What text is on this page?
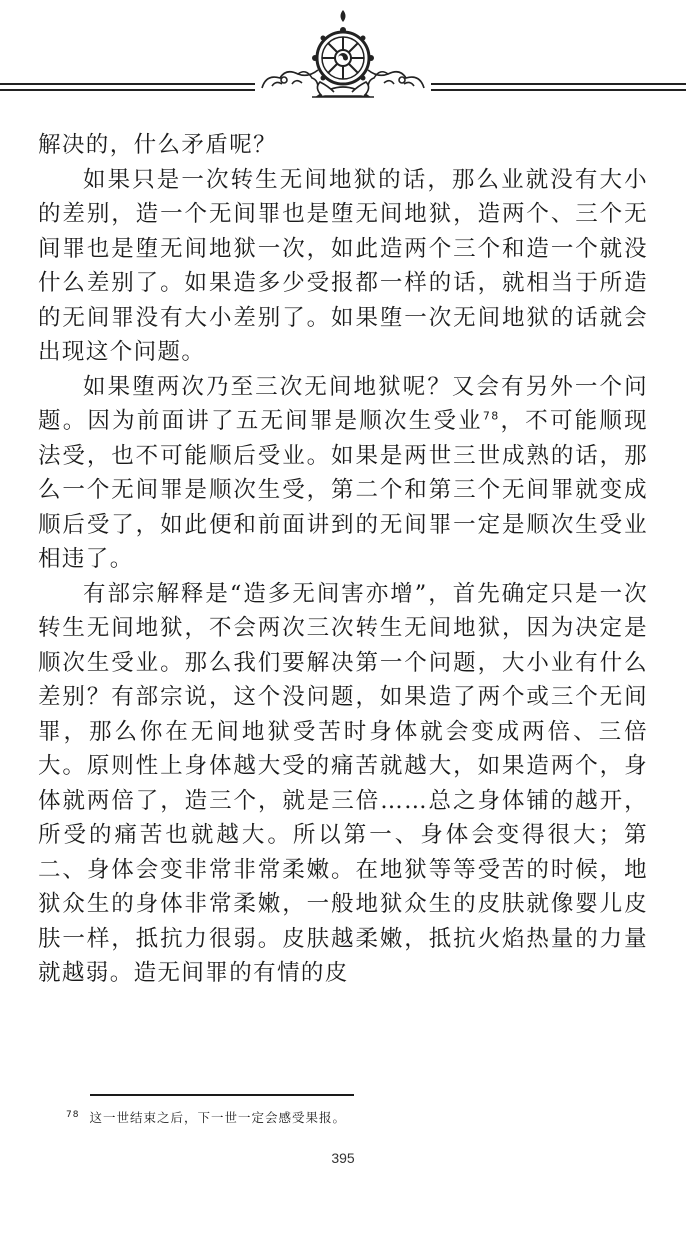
解决的，什么矛盾呢？

如果只是一次转生无间地狱的话，那么业就没有大小的差别，造一个无间罪也是堕无间地狱，造两个、三个无间罪也是堕无间地狱一次，如此造两个三个和造一个就没什么差别了。如果造多少受报都一样的话，就相当于所造的无间罪没有大小差别了。如果堕一次无间地狱的话就会出现这个问题。

如果堕两次乃至三次无间地狱呢？又会有另外一个问题。因为前面讲了五无间罪是顺次生受业$^{78}$，不可能顺现法受，也不可能顺后受业。如果是两世三世成熟的话，那么一个无间罪是顺次生受，第二个和第三个无间罪就变成顺后受了，如此便和前面讲到的无间罪一定是顺次生受业相违了。

有部宗解释是“造多无间害亦增”，首先确定只是一次转生无间地狱，不会两次三次转生无间地狱，因为决定是顺次生受业。那么我们要解决第一个问题，大小业有什么差别？有部宗说，这个没问题，如果造了两个或三个无间罪，那么你在无间地狱受苦时身体就会变成两倍、三倍大。原则性上身体越大受的痛苦就越大，如果造两个，身体就两倍了，造三个，就是三倍……总之身体铺的越开，所受的痛苦也就越大。所以第一、身体会变得很大；第二、身体会变非常非常柔嫩。在地狱等等受苦的时候，地狱众生的身体非常柔嫩，一般地狱众生的皮肤就像婴儿皮肤一样，抵抗力很弱。皮肤越柔嫩，抵抗火焰热量的力量就越弱。造无间罪的有情的皮

$^{78}$ 这一世结束之后，下一世一定会感受果报。
395
